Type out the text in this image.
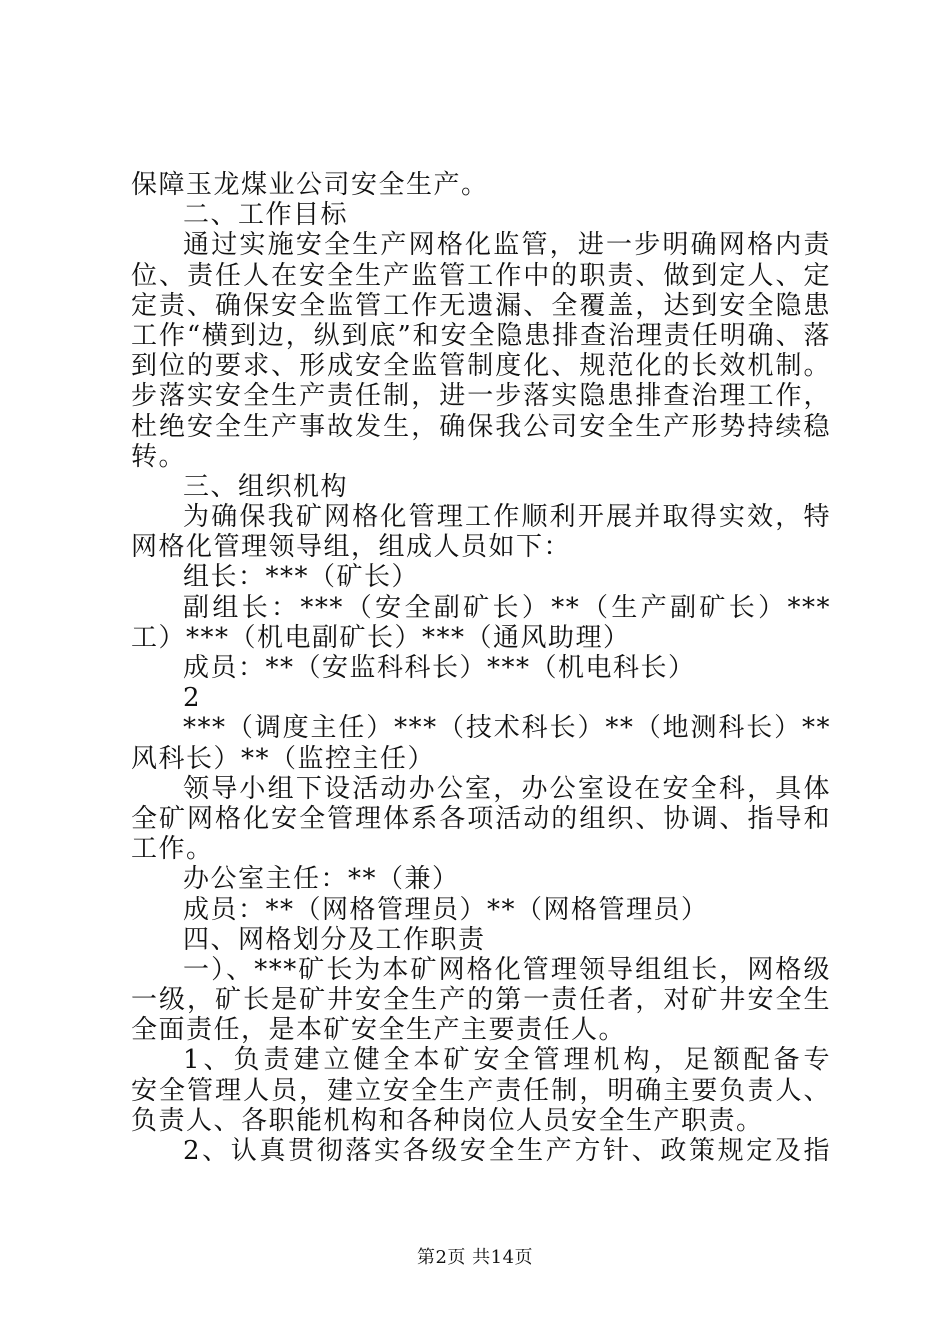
保障玉龙煤业公司安全生产。
二、工作目标
通过实施安全生产网格化监管，进一步明确网格内责
位、责任人在安全生产监管工作中的职责、做到定人、定
定责、确保安全监管工作无遗漏、全覆盖，达到安全隐患
工作“横到边，纵到底”和安全隐患排查治理责任明确、落
到位的要求、形成安全监管制度化、规范化的长效机制。
步落实安全生产责任制，进一步落实隐患排查治理工作，
杜绝安全生产事故发生，确保我公司安全生产形势持续稳
转。
三、组织机构
为确保我矿网格化管理工作顺利开展并取得实效，特
网格化管理领导组，组成人员如下：
组长：***（矿长）
副组长：***（安全副矿长）**（生产副矿长）***
工）***（机电副矿长）***（通风助理）
成员：**（安监科科长）***（机电科长）
2
***（调度主任）***（技术科长）**（地测科长）**
风科长）**（监控主任）
领导小组下设活动办公室，办公室设在安全科，具体
全矿网格化安全管理体系各项活动的组织、协调、指导和
工作。
办公室主任：**（兼）
成员：**（网格管理员）**（网格管理员）
四、网格划分及工作职责
一）、***矿长为本矿网格化管理领导组组长，网格级
一级，矿长是矿井安全生产的第一责任者，对矿井安全生
全面责任，是本矿安全生产主要责任人。
1、负责建立健全本矿安全管理机构，足额配备专
安全管理人员，建立安全生产责任制，明确主要负责人、
负责人、各职能机构和各种岗位人员安全生产职责。
2、认真贯彻落实各级安全生产方针、政策规定及指
第2页 共14页
